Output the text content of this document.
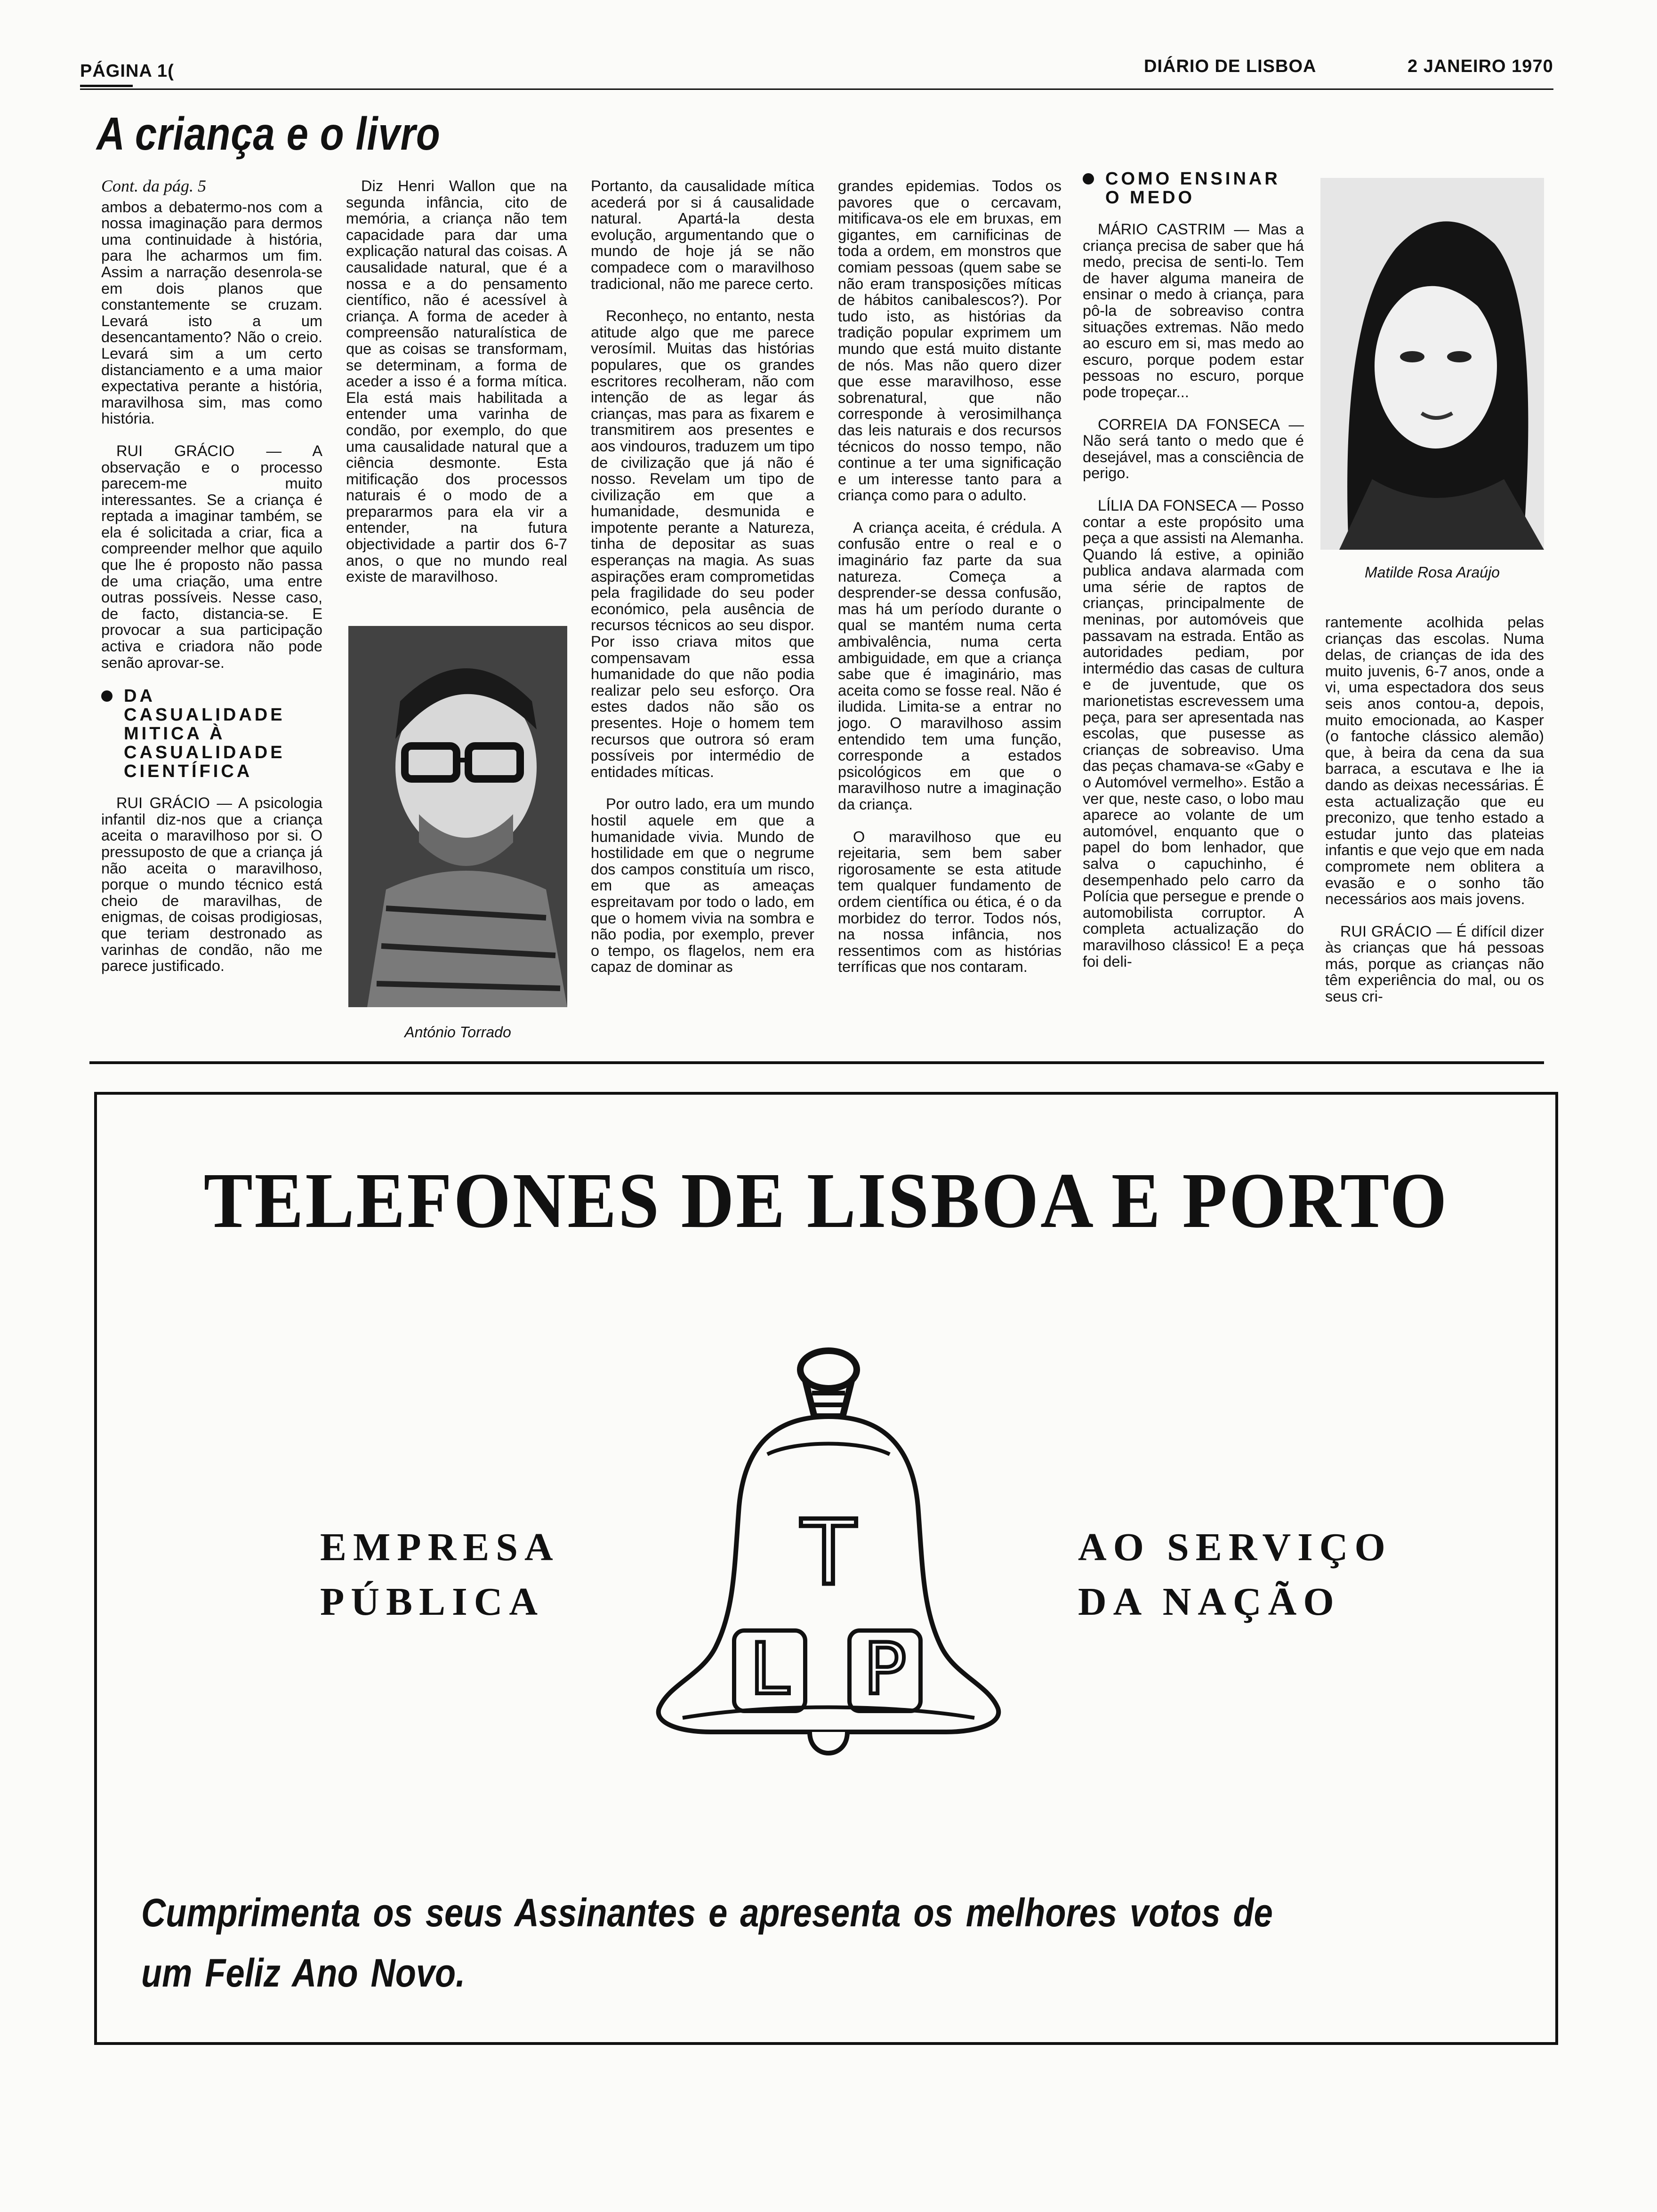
PÁGINA 1(	DIÁRIO DE LISBOA	2 JANEIRO 1970
A criança e o livro
Cont. da pág. 5

ambos a debatermo-nos com a nossa imaginação para dermos uma continuidade à história, para lhe acharmos um fim. Assim a narração desenrola-se em dois planos que constantemente se cruzam. Levará isto a um desencantamento? Não o creio. Levará sim a um certo distanciamento e a uma maior expectativa perante a história, maravilhosa sim, mas como história.

RUI GRÁCIO — A observação e o processo parecem-me muito interessantes. Se a criança é reptada a imaginar também, se ela é solicitada a criar, fica a compreender melhor que aquilo que lhe é proposto não passa de uma criação, uma entre outras possíveis. Nesse caso, de facto, distancia-se. E provocar a sua participação activa e criadora não pode senão aprovar-se.

DA CASUALIDADE MITICA À CASUALIDADE CIENTÍFICA

RUI GRÁCIO — A psicologia infantil diz-nos que a criança aceita o maravilhoso por si. O pressuposto de que a criança já não aceita o maravilhoso, porque o mundo técnico está cheio de maravilhas, de enigmas, de coisas prodigiosas, que teriam destronado as varinhas de condão, não me parece justificado.

Diz Henri Wallon que na segunda infância, cito de memória, a criança não tem capacidade para dar uma explicação natural das coisas. A causalidade natural, que é a nossa e a do pensamento científico, não é acessível à criança. A forma de aceder à compreensão naturalística de que as coisas se transformam, se determinam, a forma de aceder a isso é a forma mítica. Ela está mais habilitada a entender uma varinha de condão, por exemplo, do que uma causalidade natural que a ciência desmonte. Esta mitificação dos processos naturais é o modo de a prepararmos para ela vir a entender, na futura objectividade a partir dos 6-7 anos, o que no mundo real existe de maravilhoso.

António Torrado

Portanto, da causalidade mítica acederá por si á causalidade natural. Apartá-la desta evolução, argumentando que o mundo de hoje já se não compadece com o maravilhoso tradicional, não me parece certo.

Reconheço, no entanto, nesta atitude algo que me parece verosímil. Muitas das histórias populares, que os grandes escritores recolheram, não com intenção de as legar ás crianças, mas para as fixarem e transmitirem aos presentes e aos vindouros, traduzem um tipo de civilização que já não é nosso. Revelam um tipo de civilização em que a humanidade, desmunida e impotente perante a Natureza, tinha de depositar as suas esperanças na magia. As suas aspirações eram comprometidas pela fragilidade do seu poder económico, pela ausência de recursos técnicos ao seu dispor. Por isso criava mitos que compensavam essa humanidade do que não podia realizar pelo seu esforço. Ora estes dados não são os presentes. Hoje o homem tem recursos que outrora só eram possíveis por intermédio de entidades míticas.

Por outro lado, era um mundo hostil aquele em que a humanidade vivia. Mundo de hostilidade em que o negrume dos campos constituía um risco, em que as ameaças espreitavam por todo o lado, em que o homem vivia na sombra e não podia, por exemplo, prever o tempo, os flagelos, nem era capaz de dominar as

grandes epidemias. Todos os pavores que o cercavam, mitificava-os ele em bruxas, em gigantes, em carnificinas de toda a ordem, em monstros que comiam pessoas (quem sabe se não eram transposições míticas de hábitos canibalescos?). Por tudo isto, as histórias da tradição popular exprimem um mundo que está muito distante de nós. Mas não quero dizer que esse maravilhoso, esse sobrenatural, que não corresponde à verosimilhança das leis naturais e dos recursos técnicos do nosso tempo, não continue a ter uma significação e um interesse tanto para a criança como para o adulto.

A criança aceita, é crédula. A confusão entre o real e o imaginário faz parte da sua natureza. Começa a desprender-se dessa confusão, mas há um período durante o qual se mantém numa certa ambivalência, numa certa ambiguidade, em que a criança sabe que é imaginário, mas aceita como se fosse real. Não é iludida. Limita-se a entrar no jogo. O maravilhoso assim entendido tem uma função, corresponde a estados psicológicos em que o maravilhoso nutre a imaginação da criança.

O maravilhoso que eu rejeitaria, sem bem saber rigorosamente se esta atitude tem qualquer fundamento de ordem científica ou ética, é o da morbidez do terror. Todos nós, na nossa infância, nos ressentimos com as histórias terríficas que nos contaram.

COMO ENSINAR O MEDO

MÁRIO CASTRIM — Mas a criança precisa de saber que há medo, precisa de senti-lo. Tem de haver alguma maneira de ensinar o medo à criança, para pô-la de sobreaviso contra situações extremas. Não medo ao escuro em si, mas medo ao escuro, porque podem estar pessoas no escuro, porque pode tropeçar...

CORREIA DA FONSECA — Não será tanto o medo que é desejável, mas a consciência de perigo.

LÍLIA DA FONSECA — Posso contar a este propósito uma peça a que assisti na Alemanha. Quando lá estive, a opinião publica andava alarmada com uma série de raptos de crianças, principalmente de meninas, por automóveis que passavam na estrada. Então as autoridades pediam, por intermédio das casas de cultura e de juventude, que os marionetistas escrevessem uma peça, para ser apresentada nas escolas, que pusesse as crianças de sobreaviso. Uma das peças chamava-se «Gaby e o Automóvel vermelho». Estão a ver que, neste caso, o lobo mau aparece ao volante de um automóvel, enquanto que o papel do bom lenhador, que salva o capuchinho, é desempenhado pelo carro da Polícia que persegue e prende o automobilista corruptor. A completa actualização do maravilhoso clássico! E a peça foi deli-

Matilde Rosa Araújo

rantemente acolhida pelas crianças das escolas. Numa delas, de crianças de ida des muito juvenis, 6-7 anos, onde a vi, uma espectadora dos seus seis anos contou-a, depois, muito emocionada, ao Kasper (o fantoche clássico alemão) que, à beira da cena da sua barraca, a escutava e lhe ia dando as deixas necessárias. É esta actualização que eu preconizo, que tenho estado a estudar junto das plateias infantis e que vejo que em nada compromete nem oblitera a evasão e o sonho tão necessários aos mais jovens.

RUI GRÁCIO — É difícil dizer às crianças que há pessoas más, porque as crianças não têm experiência do mal, ou os seus cri-

TELEFONES DE LISBOA E PORTO
EMPRESA
PÚBLICA
AO SERVIÇO
DA NAÇÃO
T
L P
Cumprimenta os seus Assinantes e apresenta os melhores votos de um Feliz Ano Novo.
